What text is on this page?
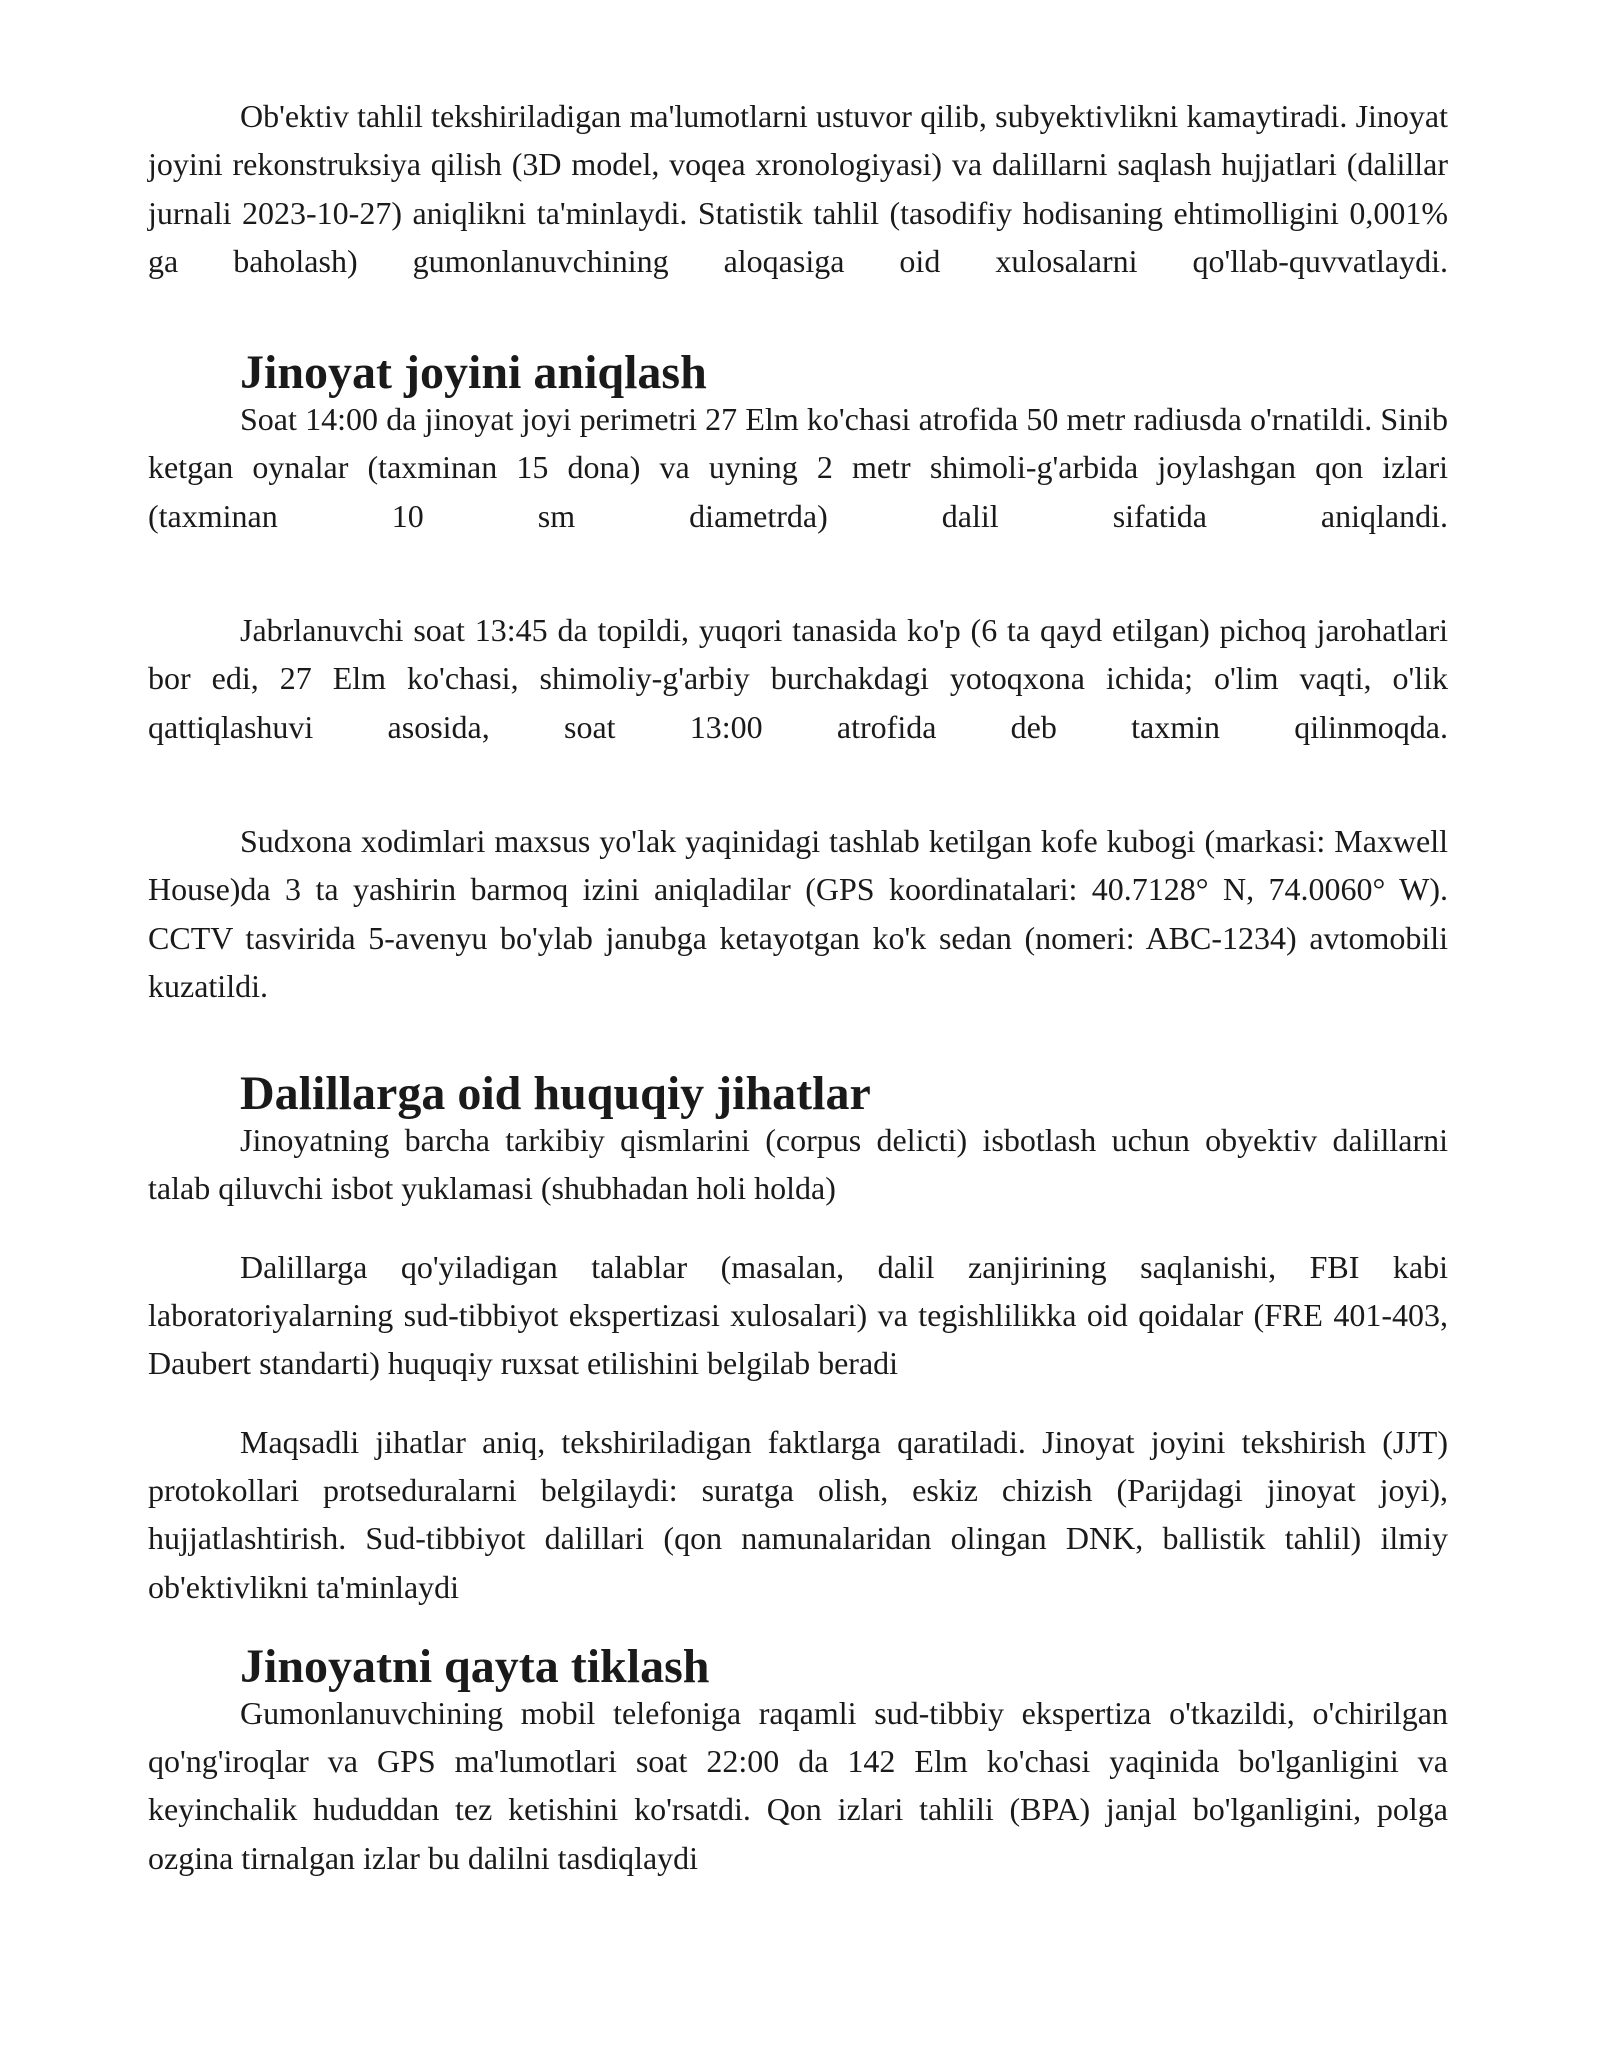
Ob'ektiv tahlil tekshiriladigan ma'lumotlarni ustuvor qilib, subyektivlikni kamaytiradi. Jinoyat joyini rekonstruksiya qilish (3D model, voqea xronologiyasi) va dalillarni saqlash hujjatlari (dalillar jurnali 2023-10-27) aniqlikni ta'minlaydi. Statistik tahlil (tasodifiy hodisaning ehtimolligini 0,001% ga baholash) gumonlanuvchining aloqasiga oid xulosalarni qo'llab-quvvatlaydi.

Jinoyat joyini aniqlash

Soat 14:00 da jinoyat joyi perimetri 27 Elm ko'chasi atrofida 50 metr radiusda o'rnatildi. Sinib ketgan oynalar (taxminan 15 dona) va uyning 2 metr shimoli-g'arbida joylashgan qon izlari (taxminan 10 sm diametrda) dalil sifatida aniqlandi.

Jabrlanuvchi soat 13:45 da topildi, yuqori tanasida ko'p (6 ta qayd etilgan) pichoq jarohatlari bor edi, 27 Elm ko'chasi, shimoliy-g'arbiy burchakdagi yotoqxona ichida; o'lim vaqti, o'lik qattiqlashuvi asosida, soat 13:00 atrofida deb taxmin qilinmoqda.

Sudxona xodimlari maxsus yo'lak yaqinidagi tashlab ketilgan kofe kubogi (markasi: Maxwell House)da 3 ta yashirin barmoq izini aniqladilar (GPS koordinatalari: 40.7128° N, 74.0060° W). CCTV tasvirida 5-avenyu bo'ylab janubga ketayotgan ko'k sedan (nomeri: ABC-1234) avtomobili kuzatildi.

Dalillarga oid huquqiy jihatlar

Jinoyatning barcha tarkibiy qismlarini (corpus delicti) isbotlash uchun obyektiv dalillarni talab qiluvchi isbot yuklamasi (shubhadan holi holda)

Dalillarga qo'yiladigan talablar (masalan, dalil zanjirining saqlanishi, FBI kabi laboratoriyalarning sud-tibbiyot ekspertizasi xulosalari) va tegishlilikka oid qoidalar (FRE 401-403, Daubert standarti) huquqiy ruxsat etilishini belgilab beradi

Maqsadli jihatlar aniq, tekshiriladigan faktlarga qaratiladi. Jinoyat joyini tekshirish (JJT) protokollari protseduralarni belgilaydi: suratga olish, eskiz chizish (Parijdagi jinoyat joyi), hujjatlashtirish. Sud-tibbiyot dalillari (qon namunalaridan olingan DNK, ballistik tahlil) ilmiy ob'ektivlikni ta'minlaydi

Jinoyatni qayta tiklash

Gumonlanuvchining mobil telefoniga raqamli sud-tibbiy ekspertiza o'tkazildi, o'chirilgan qo'ng'iroqlar va GPS ma'lumotlari soat 22:00 da 142 Elm ko'chasi yaqinida bo'lganligini va keyinchalik hududdan tez ketishini ko'rsatdi. Qon izlari tahlili (BPA) janjal bo'lganligini, polga ozgina tirnalgan izlar bu dalilni tasdiqlaydi
